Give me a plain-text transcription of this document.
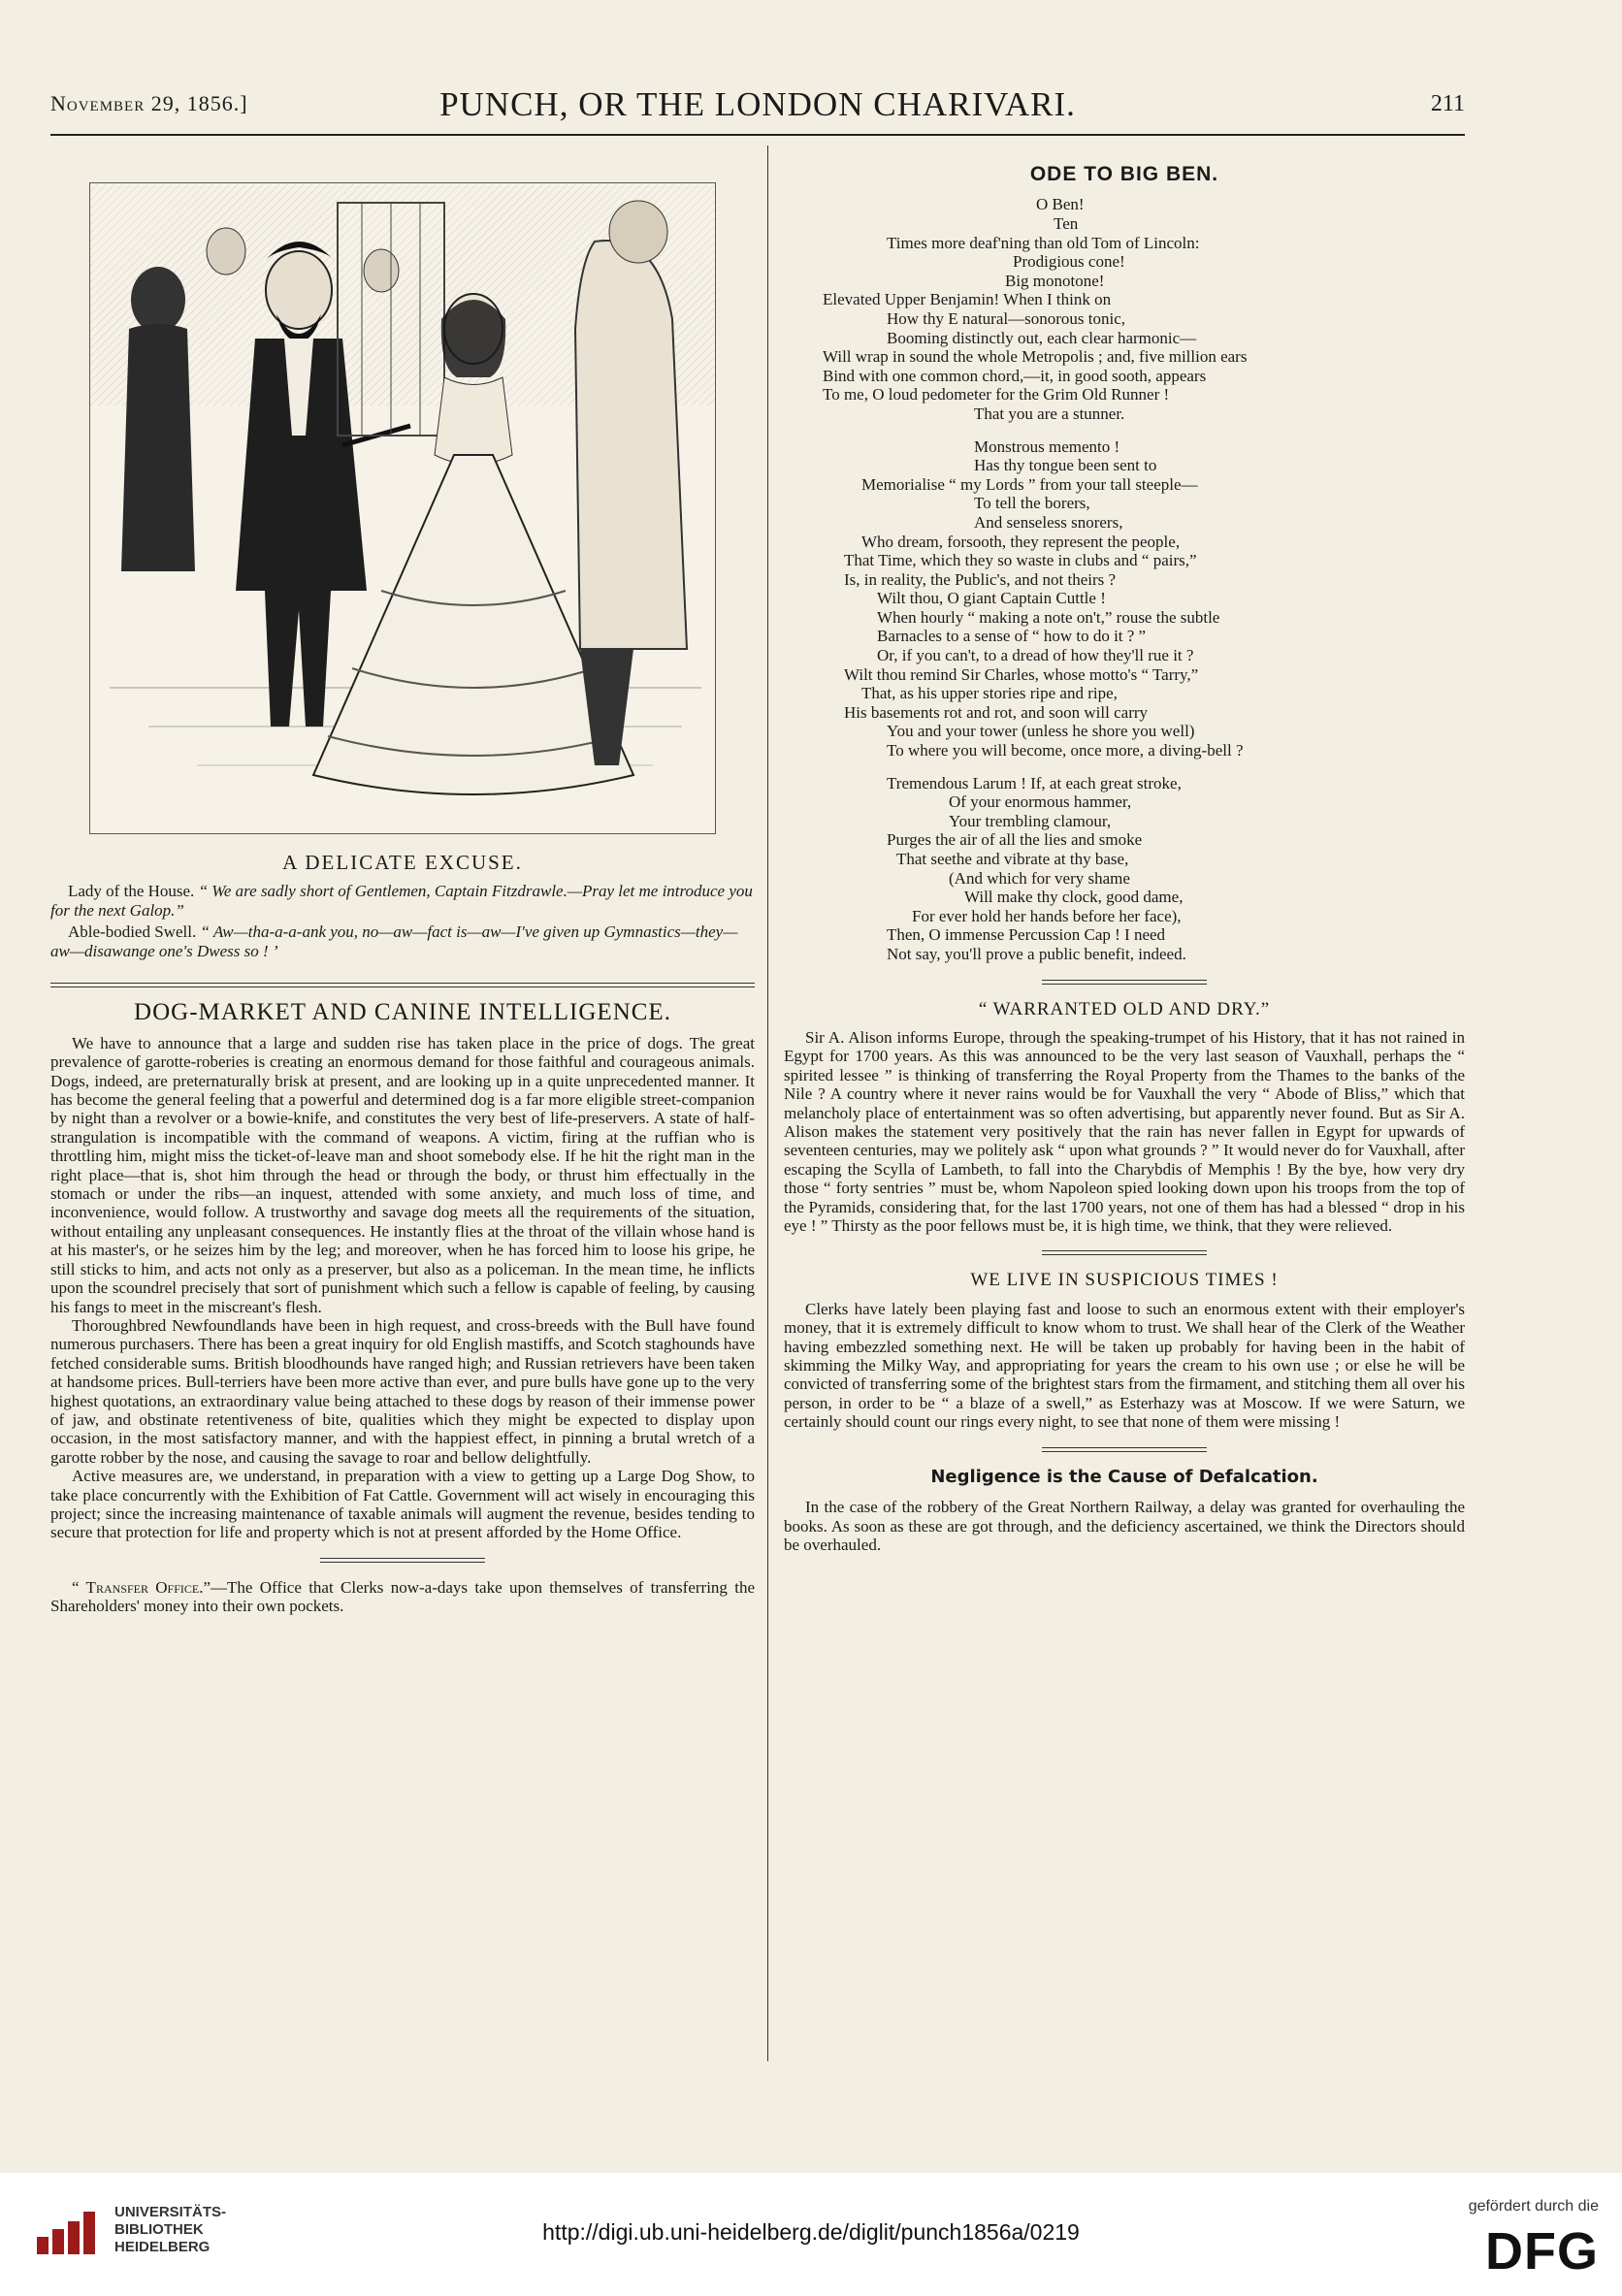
November 29, 1856.]	PUNCH, OR THE LONDON CHARIVARI.	211
A DELICATE EXCUSE.

Lady of the House. “ We are sadly short of Gentlemen, Captain Fitzdrawle.—Pray let me introduce you for the next Galop.”

Able-bodied Swell. “ Aw—tha-a-a-ank you, no—aw—fact is—aw—I've given up Gymnastics—they—aw—disawange one's Dwess so ! ’

DOG-MARKET AND CANINE INTELLIGENCE.

We have to announce that a large and sudden rise has taken place in the price of dogs. The great prevalence of garotte-roberies is creating an enormous demand for those faithful and courageous animals. Dogs, indeed, are preternaturally brisk at present, and are looking up in a quite unprecedented manner. It has become the general feeling that a powerful and determined dog is a far more eligible street-companion by night than a revolver or a bowie-knife, and constitutes the very best of life-preservers. A state of half-strangulation is incompatible with the command of weapons. A victim, firing at the ruffian who is throttling him, might miss the ticket-of-leave man and shoot somebody else. If he hit the right man in the right place—that is, shot him through the head or through the body, or thrust him effectually in the stomach or under the ribs—an inquest, attended with some anxiety, and much loss of time, and inconvenience, would follow. A trustworthy and savage dog meets all the requirements of the situation, without entailing any unpleasant consequences. He instantly flies at the throat of the villain whose hand is at his master's, or he seizes him by the leg; and moreover, when he has forced him to loose his gripe, he still sticks to him, and acts not only as a preserver, but also as a policeman. In the mean time, he inflicts upon the scoundrel precisely that sort of punishment which such a fellow is capable of feeling, by causing his fangs to meet in the miscreant's flesh.

Thoroughbred Newfoundlands have been in high request, and cross-breeds with the Bull have found numerous purchasers. There has been a great inquiry for old English mastiffs, and Scotch staghounds have fetched considerable sums. British bloodhounds have ranged high; and Russian retrievers have been taken at handsome prices. Bull-terriers have been more active than ever, and pure bulls have gone up to the very highest quotations, an extraordinary value being attached to these dogs by reason of their immense power of jaw, and obstinate retentiveness of bite, qualities which they might be expected to display upon occasion, in the most satisfactory manner, and with the happiest effect, in pinning a brutal wretch of a garotte robber by the nose, and causing the savage to roar and bellow delightfully.

Active measures are, we understand, in preparation with a view to getting up a Large Dog Show, to take place concurrently with the Exhibition of Fat Cattle. Government will act wisely in encouraging this project; since the increasing maintenance of taxable animals will augment the revenue, besides tending to secure that protection for life and property which is not at present afforded by the Home Office.

“ Transfer Office.”—The Office that Clerks now-a-days take upon themselves of transferring the Shareholders' money into their own pockets.

ODE TO BIG BEN.
O Ben!
Ten
Times more deaf'ning than old Tom of Lincoln:
Prodigious cone!
Big monotone!
Elevated Upper Benjamin! When I think on
How thy E natural—sonorous tonic,
Booming distinctly out, each clear harmonic—
Will wrap in sound the whole Metropolis ; and, five million ears
Bind with one common chord,—it, in good sooth, appears
To me, O loud pedometer for the Grim Old Runner !
That you are a stunner.
Monstrous memento !
Has thy tongue been sent to
Memorialise “ my Lords ” from your tall steeple—
To tell the borers,
And senseless snorers,
Who dream, forsooth, they represent the people,
That Time, which they so waste in clubs and “ pairs,”
Is, in reality, the Public's, and not theirs ?
Wilt thou, O giant Captain Cuttle !
When hourly “ making a note on't,” rouse the subtle
Barnacles to a sense of “ how to do it ? ”
Or, if you can't, to a dread of how they'll rue it ?
Wilt thou remind Sir Charles, whose motto's “ Tarry,”
That, as his upper stories ripe and ripe,
His basements rot and rot, and soon will carry
You and your tower (unless he shore you well)
To where you will become, once more, a diving-bell ?
Tremendous Larum ! If, at each great stroke,
Of your enormous hammer,
Your trembling clamour,
Purges the air of all the lies and smoke
That seethe and vibrate at thy base,
(And which for very shame
Will make thy clock, good dame,
For ever hold her hands before her face),
Then, O immense Percussion Cap ! I need
Not say, you'll prove a public benefit, indeed.
“ WARRANTED OLD AND DRY.”

Sir A. Alison informs Europe, through the speaking-trumpet of his History, that it has not rained in Egypt for 1700 years. As this was announced to be the very last season of Vauxhall, perhaps the “ spirited lessee ” is thinking of transferring the Royal Property from the Thames to the banks of the Nile ? A country where it never rains would be for Vauxhall the very “ Abode of Bliss,” which that melancholy place of entertainment was so often advertising, but apparently never found. But as Sir A. Alison makes the statement very positively that the rain has never fallen in Egypt for upwards of seventeen centuries, may we politely ask “ upon what grounds ? ” It would never do for Vauxhall, after escaping the Scylla of Lambeth, to fall into the Charybdis of Memphis ! By the bye, how very dry those “ forty sentries ” must be, whom Napoleon spied looking down upon his troops from the top of the Pyramids, considering that, for the last 1700 years, not one of them has had a blessed “ drop in his eye ! ” Thirsty as the poor fellows must be, it is high time, we think, that they were relieved.

WE LIVE IN SUSPICIOUS TIMES !

Clerks have lately been playing fast and loose to such an enormous extent with their employer's money, that it is extremely difficult to know whom to trust. We shall hear of the Clerk of the Weather having embezzled something next. He will be taken up probably for having been in the habit of skimming the Milky Way, and appropriating for years the cream to his own use ; or else he will be convicted of transferring some of the brightest stars from the firmament, and stitching them all over his person, in order to be “ a blaze of a swell,” as Esterhazy was at Moscow. If we were Saturn, we certainly should count our rings every night, to see that none of them were missing !

Negligence is the Cause of Defalcation.

In the case of the robbery of the Great Northern Railway, a delay was granted for overhauling the books. As soon as these are got through, and the deficiency ascertained, we think the Directors should be overhauled.

UNIVERSITÄTS-
BIBLIOTHEK
HEIDELBERG
http://digi.ub.uni-heidelberg.de/diglit/punch1856a/0219
gefördert durch die
DFG
